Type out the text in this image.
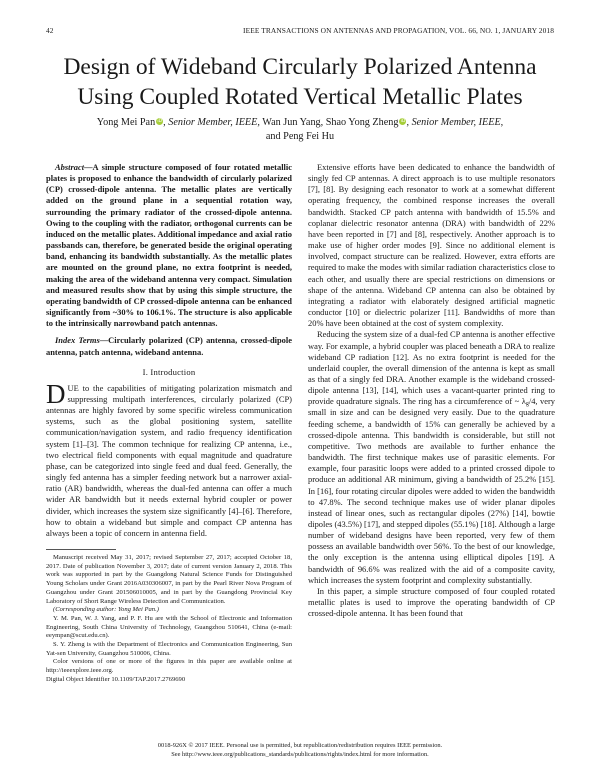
42	IEEE TRANSACTIONS ON ANTENNAS AND PROPAGATION, VOL. 66, NO. 1, JANUARY 2018
Design of Wideband Circularly Polarized Antenna Using Coupled Rotated Vertical Metallic Plates
Yong Mei Pan iD, Senior Member, IEEE, Wan Jun Yang, Shao Yong Zheng iD, Senior Member, IEEE,
and Peng Fei Hu

Abstract—A simple structure composed of four rotated metallic plates is proposed to enhance the bandwidth of circularly polarized (CP) crossed-dipole antenna. The metallic plates are vertically added on the ground plane in a sequential rotation way, surrounding the primary radiator of the crossed-dipole antenna. Owing to the coupling with the radiator, orthogonal currents can be induced on the metallic plates. Additional impedance and axial ratio passbands can, therefore, be generated beside the original operating band, enhancing its bandwidth substantially. As the metallic plates are mounted on the ground plane, no extra footprint is needed, making the area of the wideband antenna very compact. Simulation and measured results show that by using this simple structure, the operating bandwidth of CP crossed-dipole antenna can be enhanced significantly from ~30% to 106.1%. The structure is also applicable to the intrinsically narrowband patch antennas.

Index Terms—Circularly polarized (CP) antenna, crossed-dipole antenna, patch antenna, wideband antenna.

I. Introduction

DUE to the capabilities of mitigating polarization mismatch and suppressing multipath interferences, circularly polarized (CP) antennas are highly favored by some specific wireless communication systems, such as the global positioning system, satellite communication/navigation system, and radio frequency identification system [1]–[3]. The common technique for realizing CP antenna, i.e., two electrical field components with equal magnitude and quadrature phase, can be categorized into single feed and dual feed. Generally, the singly fed antenna has a simpler feeding network but a narrower axial-ratio (AR) bandwidth, whereas the dual-fed antenna can offer a much wider AR bandwidth but it needs external hybrid coupler or power divider, which increases the system size significantly [4]–[6]. Therefore, how to obtain a wideband but simple and compact CP antenna has always been a topic of concern in antenna field.

Manuscript received May 31, 2017; revised September 27, 2017; accepted October 18, 2017. Date of publication November 3, 2017; date of current version January 2, 2018. This work was supported in part by the Guangdong Natural Science Funds for Distinguished Young Scholars under Grant 2016A030306007, in part by the Pearl River Nova Program of Guangzhou under Grant 201506010005, and in part by the Guangdong Provincial Key Laboratory of Short Range Wireless Detection and Communication.

(Corresponding author: Yong Mei Pan.)

Y. M. Pan, W. J. Yang, and P. F. Hu are with the School of Electronic and Information Engineering, South China University of Technology, Guangzhou 510641, China (e-mail: eeympan@scut.edu.cn).

S. Y. Zheng is with the Department of Electronics and Communication Engineering, Sun Yat-sen University, Guangzhou 510006, China.

Color versions of one or more of the figures in this paper are available online at http://ieeexplore.ieee.org.

Digital Object Identifier 10.1109/TAP.2017.2769690

Extensive efforts have been dedicated to enhance the bandwidth of singly fed CP antennas. A direct approach is to use multiple resonators [7], [8]. By designing each resonator to work at a somewhat different operating frequency, the combined response increases the overall bandwidth. Stacked CP patch antenna with bandwidth of 15.5% and coplanar dielectric resonator antenna (DRA) with bandwidth of 22% have been reported in [7] and [8], respectively. Another approach is to make use of higher order modes [9]. Since no additional element is involved, compact structure can be realized. However, extra efforts are required to make the modes with similar radiation characteristics close to each other, and usually there are special restrictions on dimensions or shape of the antenna. Wideband CP antenna can also be obtained by integrating a radiator with elaborately designed artificial magnetic conductor [10] or dielectric polarizer [11]. Bandwidths of more than 20% have been obtained at the cost of system complexity.

Reducing the system size of a dual-fed CP antenna is another effective way. For example, a hybrid coupler was placed beneath a DRA to realize wideband CP radiation [12]. As no extra footprint is needed for the underlaid coupler, the overall dimension of the antenna is kept as small as that of a singly fed DRA. Another example is the wideband crossed-dipole antenna [13], [14], which uses a vacant-quarter printed ring to provide quadrature signals. The ring has a circumference of ~ $\lambda_g/4$, very small in size and can be designed very easily. Due to the quadrature feeding scheme, a bandwidth of 15% can generally be achieved by a crossed-dipole antenna. This bandwidth is considerable, but still not competitive. Two methods are available to further enhance the bandwidth. The first technique makes use of parasitic elements. For example, four parasitic loops were added to a printed crossed dipole to produce an additional AR minimum, giving a bandwidth of 25.2% [15]. In [16], four rotating circular dipoles were added to widen the bandwidth to 47.8%. The second technique makes use of wider planar dipoles instead of linear ones, such as rectangular dipoles (27%) [14], bowtie dipoles (43.5%) [17], and stepped dipoles (55.1%) [18]. Although a large number of wideband designs have been reported, very few of them possess an available bandwidth over 56%. To the best of our knowledge, the only exception is the antenna using elliptical dipoles [19]. A bandwidth of 96.6% was realized with the aid of a composite cavity, which increases the system footprint and complexity substantially.

In this paper, a simple structure composed of four coupled rotated metallic plates is used to improve the operating bandwidth of CP crossed-dipole antenna. It has been found that

0018-926X © 2017 IEEE. Personal use is permitted, but republication/redistribution requires IEEE permission.
See http://www.ieee.org/publications_standards/publications/rights/index.html for more information.
